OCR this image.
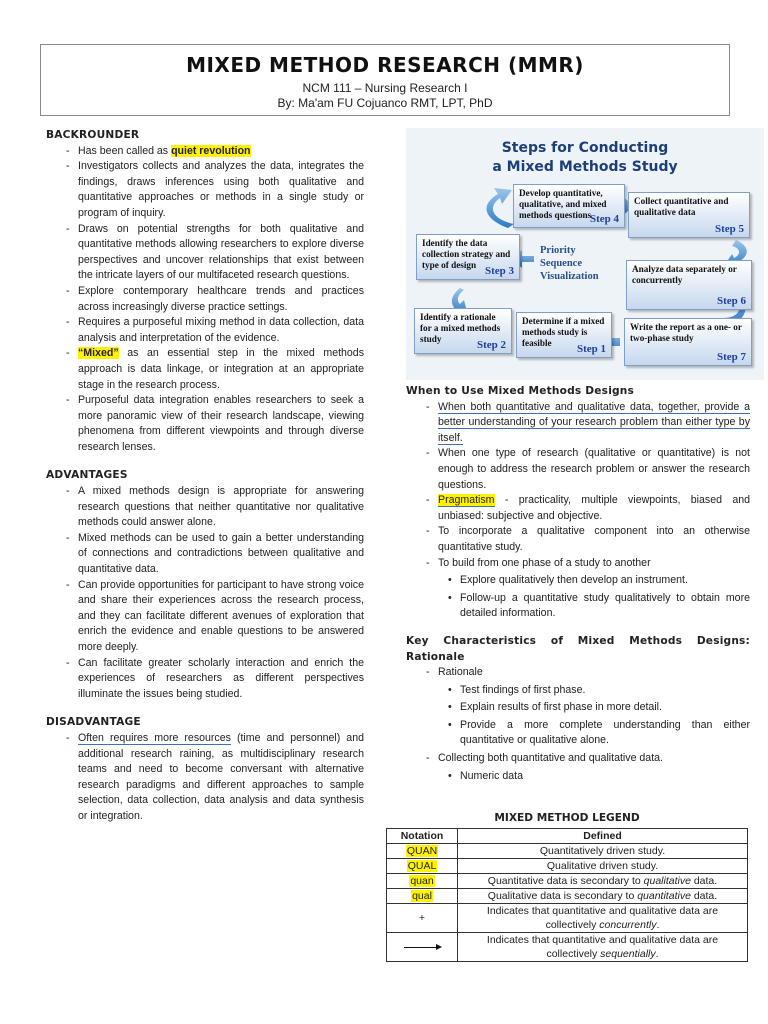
MIXED METHOD RESEARCH (MMR)
NCM 111 – Nursing Research I
By: Ma'am FU Cojuanco RMT, LPT, PhD

BACKROUNDER

- Has been called as quiet revolution
- Investigators collects and analyzes the data, integrates the findings, draws inferences using both qualitative and quantitative approaches or methods in a single study or program of inquiry.
- Draws on potential strengths for both qualitative and quantitative methods allowing researchers to explore diverse perspectives and uncover relationships that exist between the intricate layers of our multifaceted research questions.
- Explore contemporary healthcare trends and practices across increasingly diverse practice settings.
- Requires a purposeful mixing method in data collection, data analysis and interpretation of the evidence.
- “Mixed” as an essential step in the mixed methods approach is data linkage, or integration at an appropriate stage in the research process.
- Purposeful data integration enables researchers to seek a more panoramic view of their research landscape, viewing phenomena from different viewpoints and through diverse research lenses.

ADVANTAGES

- A mixed methods design is appropriate for answering research questions that neither quantitative nor qualitative methods could answer alone.
- Mixed methods can be used to gain a better understanding of connections and contradictions between qualitative and quantitative data.
- Can provide opportunities for participant to have strong voice and share their experiences across the research process, and they can facilitate different avenues of exploration that enrich the evidence and enable questions to be answered more deeply.
- Can facilitate greater scholarly interaction and enrich the experiences of researchers as different perspectives illuminate the issues being studied.

DISADVANTAGE

- Often requires more resources (time and personnel) and additional research raining, as multidisciplinary research teams and need to become conversant with alternative research paradigms and different approaches to sample selection, data collection, data analysis and data synthesis or integration.
Steps for Conducting
a Mixed Methods Study
Develop quantitative, qualitative, and mixed methods questions
Step 4
Collect quantitative and qualitative data
Step 5
Identify the data collection strategy and type of design Step 3	Analyze data separately or concurrently
Step 6
Identify a rationale for a mixed methods study	Step 2
Determine if a mixed methods study is feasible Step 1
Write the report as a one- or two-phase study
Step 7
Priority
Sequence
Visualization

When to Use Mixed Methods Designs

- When both quantitative and qualitative data, together, provide a better understanding of your research problem than either type by itself.
- When one type of research (qualitative or quantitative) is not enough to address the research problem or answer the research questions.
- Pragmatism - practicality, multiple viewpoints, biased and unbiased: subjective and objective.
- To incorporate a qualitative component into an otherwise quantitative study.
- To build from one phase of a study to another
• Explore qualitatively then develop an instrument.
• Follow-up a quantitative study qualitatively to obtain more detailed information.

Key Characteristics of Mixed Methods Designs: Rationale

- Rationale
• Test findings of first phase.
• Explain results of first phase in more detail.
• Provide a more complete understanding than either quantitative or qualitative alone.
- Collecting both quantitative and qualitative data.
• Numeric data
MIXED METHOD LEGEND
Notation	Defined
QUAN	Quantitatively driven study.
QUAL	Qualitative driven study.
quan	Quantitative data is secondary to qualitative data.
qual	Qualitative data is secondary to quantitative data.
+	Indicates that quantitative and qualitative data are collectively concurrently.
	Indicates that quantitative and qualitative data are collectively sequentially.
